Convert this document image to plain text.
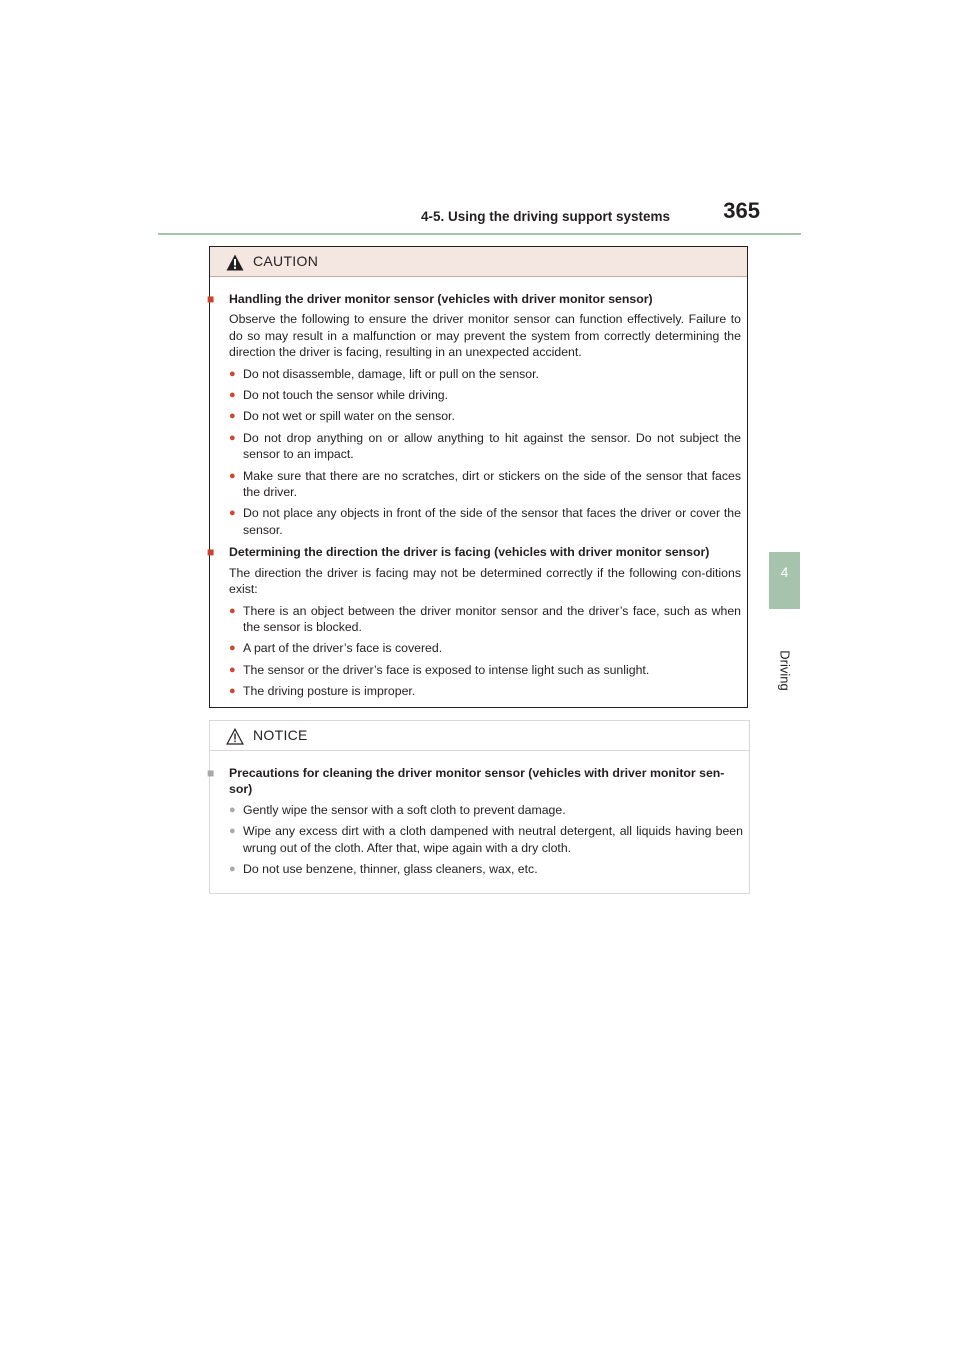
4-5. Using the driving support systems	365
4
Driving
CAUTION
■ Handling the driver monitor sensor (vehicles with driver monitor sensor)
Observe the following to ensure the driver monitor sensor can function effectively. Failure to do so may result in a malfunction or may prevent the system from correctly determining the direction the driver is facing, resulting in an unexpected accident.
● Do not disassemble, damage, lift or pull on the sensor.
● Do not touch the sensor while driving.
● Do not wet or spill water on the sensor.
● Do not drop anything on or allow anything to hit against the sensor. Do not subject the sensor to an impact.
● Make sure that there are no scratches, dirt or stickers on the side of the sensor that faces the driver.
● Do not place any objects in front of the side of the sensor that faces the driver or cover the sensor.
■ Determining the direction the driver is facing (vehicles with driver monitor sensor)
The direction the driver is facing may not be determined correctly if the following con-ditions exist:
● There is an object between the driver monitor sensor and the driver’s face, such as when the sensor is blocked.
● A part of the driver’s face is covered.
● The sensor or the driver’s face is exposed to intense light such as sunlight.
● The driving posture is improper.
NOTICE
■ Precautions for cleaning the driver monitor sensor (vehicles with driver monitor sen-sor)
● Gently wipe the sensor with a soft cloth to prevent damage.
● Wipe any excess dirt with a cloth dampened with neutral detergent, all liquids having been wrung out of the cloth. After that, wipe again with a dry cloth.
● Do not use benzene, thinner, glass cleaners, wax, etc.
